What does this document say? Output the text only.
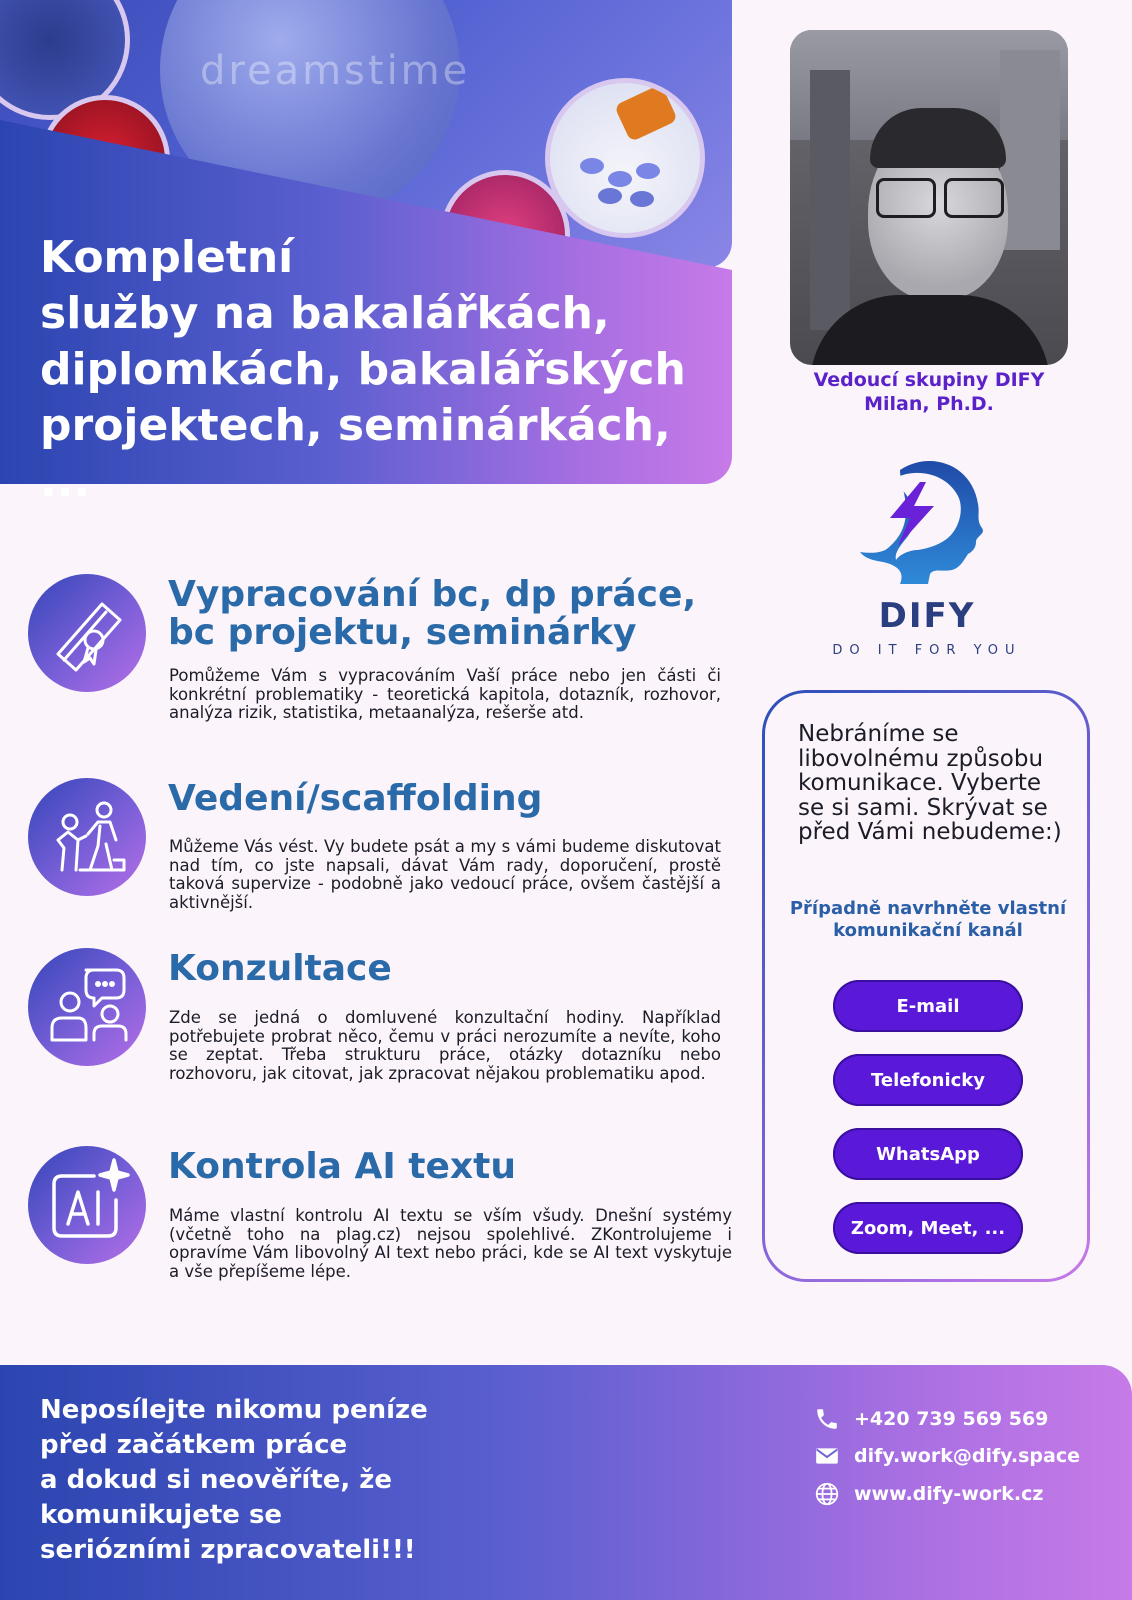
dreamstime
Kompletní
služby na bakalářkách,
diplomkách, bakalářských
projektech, seminárkách, ...
Vedoucí skupiny DIFY
Milan, Ph.D.
DIFY
DO IT FOR YOU
Vypracování bc, dp práce,
bc projektu, seminárky

Pomůžeme Vám s vypracováním Vaší práce nebo jen části či konkrétní problematiky - teoretická kapitola, dotazník, rozhovor, analýza rizik, statistika, metaanalýza, rešerše atd.

Vedení/scaffolding

Můžeme Vás vést. Vy budete psát a my s vámi budeme diskutovat nad tím, co jste napsali, dávat Vám rady, doporučení, prostě taková supervize - podobně jako vedoucí práce, ovšem častější a aktivnější.

Konzultace

Zde se jedná o domluvené konzultační hodiny. Například potřebujete probrat něco, čemu v práci nerozumíte a nevíte, koho se zeptat. Třeba strukturu práce, otázky dotazníku nebo rozhovoru, jak citovat, jak zpracovat nějakou problematiku apod.

Kontrola AI textu

Máme vlastní kontrolu AI textu se vším všudy. Dnešní systémy (včetně toho na plag.cz) nejsou spolehlivé. ZKontrolujeme i opravíme Vám libovolný AI text nebo práci, kde se AI text vyskytuje a vše přepíšeme lépe.

Nebráníme se libovolnému způsobu komunikace. Vyberte se si sami. Skrývat se před Vámi nebudeme:)
Případně navrhněte vlastní
komunikační kanál
E-mail
Telefonicky
WhatsApp
Zoom, Meet, ...

Neposílejte nikomu peníze
před začátkem práce
a dokud si neověříte, že
komunikujete se
seriózními zpracovateli!!!

+420 739 569 569
dify.work@dify.space
www.dify-work.cz
